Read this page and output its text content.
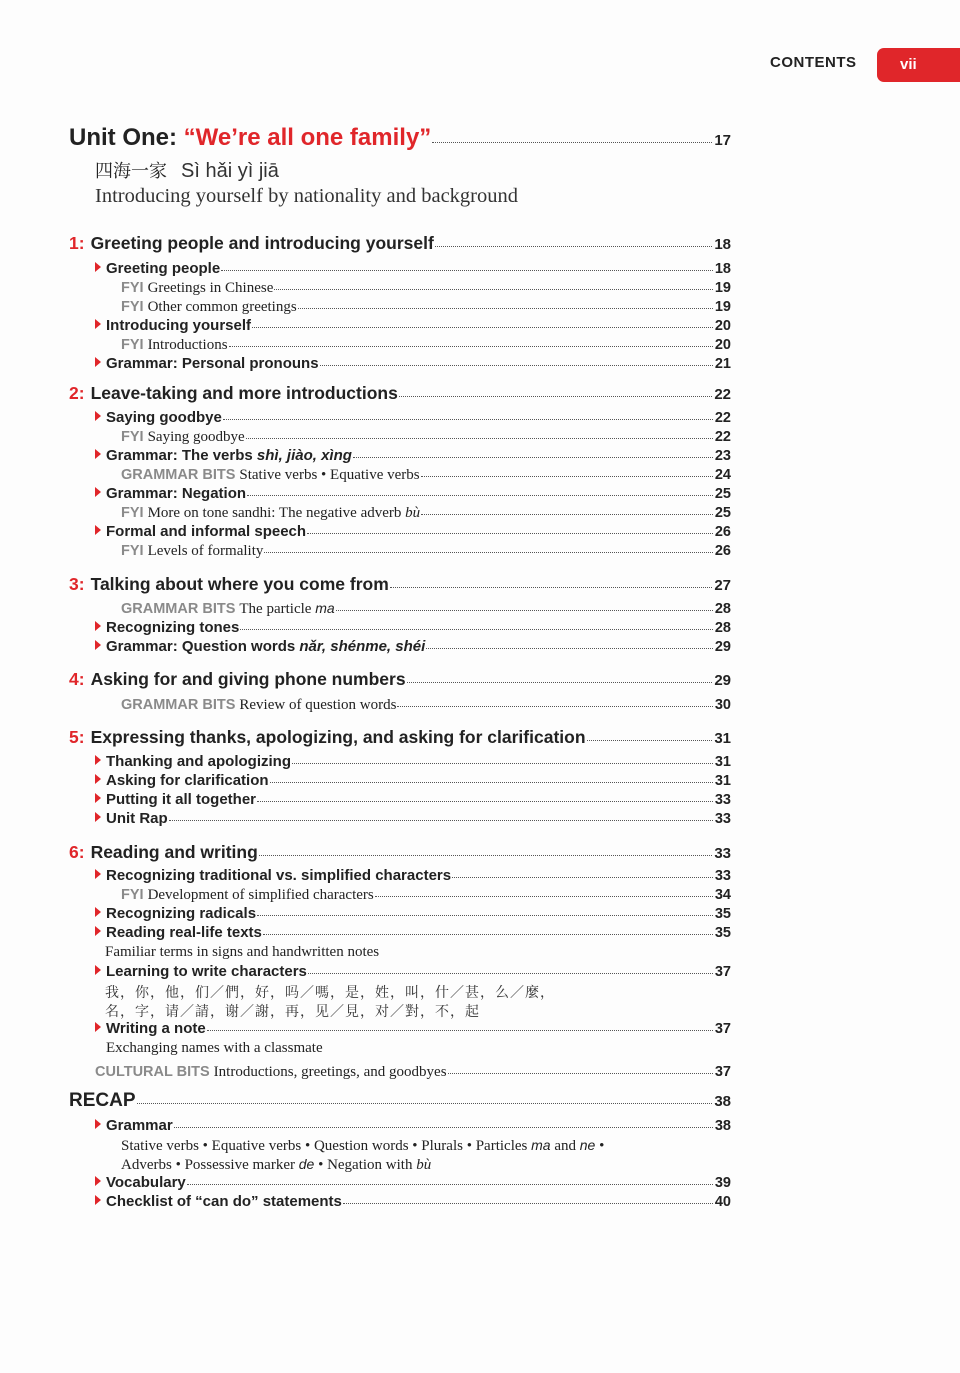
CONTENTS	vii
Unit One: “We’re all one family”	17
四海一家 Sì hǎi yì jiā
Introducing yourself by nationality and background
1: Greeting people and introducing yourself	18
Greeting people	18
FYI Greetings in Chinese	19
FYI Other common greetings	19
Introducing yourself	20
FYI Introductions	20
Grammar: Personal pronouns	21
2: Leave-taking and more introductions	22
Saying goodbye	22
FYI Saying goodbye	22
Grammar: The verbs shì, jiào, xìng	23
GRAMMAR BITS Stative verbs • Equative verbs	24
Grammar: Negation	25
FYI More on tone sandhi: The negative adverb bù	25
Formal and informal speech	26
FYI Levels of formality	26
3: Talking about where you come from	27
GRAMMAR BITS The particle ma	28
Recognizing tones	28
Grammar: Question words nǎr, shénme, shéi	29
4: Asking for and giving phone numbers	29
GRAMMAR BITS Review of question words	30
5: Expressing thanks, apologizing, and asking for clarification	31
Thanking and apologizing	31
Asking for clarification	31
Putting it all together	33
Unit Rap	33
6: Reading and writing	33
Recognizing traditional vs. simplified characters	33
FYI Development of simplified characters	34
Recognizing radicals	35
Reading real-life texts	35
Familiar terms in signs and handwritten notes
Learning to write characters	37
我，你，他，们／們，好，吗／嗎，是，姓，叫，什／甚，么／麼，
名，字，请／請，谢／謝，再，见／見，对／對，不，起
Writing a note	37
Exchanging names with a classmate
CULTURAL BITS Introductions, greetings, and goodbyes	37
RECAP	38
Grammar	38
Stative verbs • Equative verbs • Question words • Plurals • Particles ma and ne •
Adverbs • Possessive marker de • Negation with bù
Vocabulary	39
Checklist of “can do” statements	40
